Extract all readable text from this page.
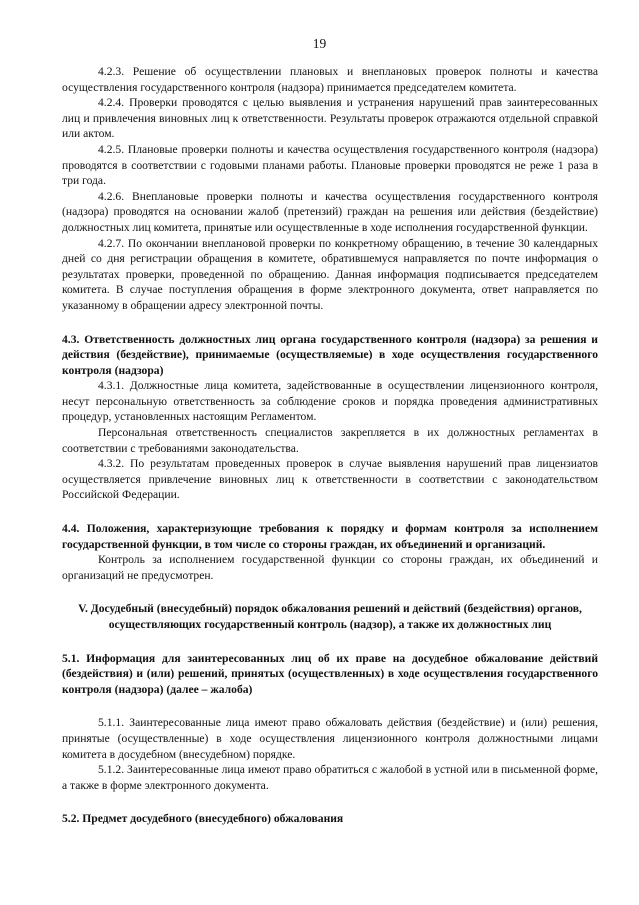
19

4.2.3. Решение об осуществлении плановых и внеплановых проверок полноты и качества осуществления государственного контроля (надзора) принимается председателем комитета.

4.2.4. Проверки проводятся с целью выявления и устранения нарушений прав заинтересованных лиц и привлечения виновных лиц к ответственности. Результаты проверок отражаются отдельной справкой или актом.

4.2.5. Плановые проверки полноты и качества осуществления государственного контроля (надзора) проводятся в соответствии с годовыми планами работы. Плановые проверки проводятся не реже 1 раза в три года.

4.2.6. Внеплановые проверки полноты и качества осуществления государственного контроля (надзора) проводятся на основании жалоб (претензий) граждан на решения или действия (бездействие) должностных лиц комитета, принятые или осуществленные в ходе исполнения государственной функции.

4.2.7. По окончании внеплановой проверки по конкретному обращению, в течение 30 календарных дней со дня регистрации обращения в комитете, обратившемуся направляется по почте информация о результатах проверки, проведенной по обращению. Данная информация подписывается председателем комитета. В случае поступления обращения в форме электронного документа, ответ направляется по указанному в обращении адресу электронной почты.

4.3. Ответственность должностных лиц органа государственного контроля (надзора) за решения и действия (бездействие), принимаемые (осуществляемые) в ходе осуществления государственного контроля (надзора)

4.3.1. Должностные лица комитета, задействованные в осуществлении лицензионного контроля, несут персональную ответственность за соблюдение сроков и порядка проведения административных процедур, установленных настоящим Регламентом.

Персональная ответственность специалистов закрепляется в их должностных регламентах в соответствии с требованиями законодательства.

4.3.2. По результатам проведенных проверок в случае выявления нарушений прав лицензиатов осуществляется привлечение виновных лиц к ответственности в соответствии с законодательством Российской Федерации.

4.4. Положения, характеризующие требования к порядку и формам контроля за исполнением государственной функции, в том числе со стороны граждан, их объединений и организаций.

Контроль за исполнением государственной функции со стороны граждан, их объединений и организаций не предусмотрен.

V. Досудебный (внесудебный) порядок обжалования решений и действий (бездействия) органов, осуществляющих государственный контроль (надзор), а также их должностных лиц

5.1. Информация для заинтересованных лиц об их праве на досудебное обжалование действий (бездействия) и (или) решений, принятых (осуществленных) в ходе осуществления государственного контроля (надзора) (далее – жалоба)

5.1.1. Заинтересованные лица имеют право обжаловать действия (бездействие) и (или) решения, принятые (осуществленные) в ходе осуществления лицензионного контроля должностными лицами комитета в досудебном (внесудебном) порядке.

5.1.2. Заинтересованные лица имеют право обратиться с жалобой в устной или в письменной форме, а также в форме электронного документа.

5.2. Предмет досудебного (внесудебного) обжалования
